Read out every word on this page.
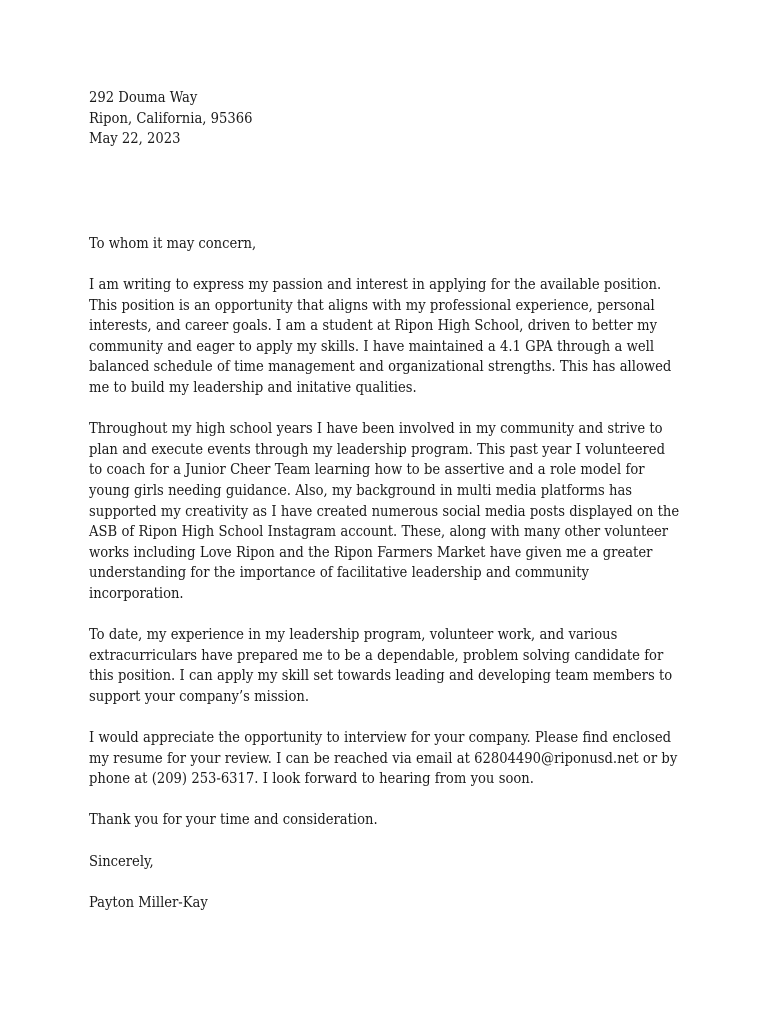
292 Douma Way
Ripon, California, 95366
May 22, 2023

To whom it may concern,

I am writing to express my passion and interest in applying for the available position. This position is an opportunity that aligns with my professional experience, personal interests, and career goals. I am a student at Ripon High School, driven to better my community and eager to apply my skills. I have maintained a 4.1 GPA through a well balanced schedule of time management and organizational strengths. This has allowed me to build my leadership and initative qualities.

Throughout my high school years I have been involved in my community and strive to plan and execute events through my leadership program. This past year I volunteered to coach for a Junior Cheer Team learning how to be assertive and a role model for young girls needing guidance. Also, my background in multi media platforms has supported my creativity as I have created numerous social media posts displayed on the ASB of Ripon High School Instagram account. These, along with many other volunteer works including Love Ripon and the Ripon Farmers Market have given me a greater understanding for the importance of facilitative leadership and community incorporation.

To date, my experience in my leadership program, volunteer work, and various extracurriculars have prepared me to be a dependable, problem solving candidate for this position. I can apply my skill set towards leading and developing team members to support your company’s mission.

I would appreciate the opportunity to interview for your company. Please find enclosed my resume for your review. I can be reached via email at 62804490@riponusd.net or by phone at (209) 253-6317. I look forward to hearing from you soon.

Thank you for your time and consideration.

Sincerely,

Payton Miller-Kay
